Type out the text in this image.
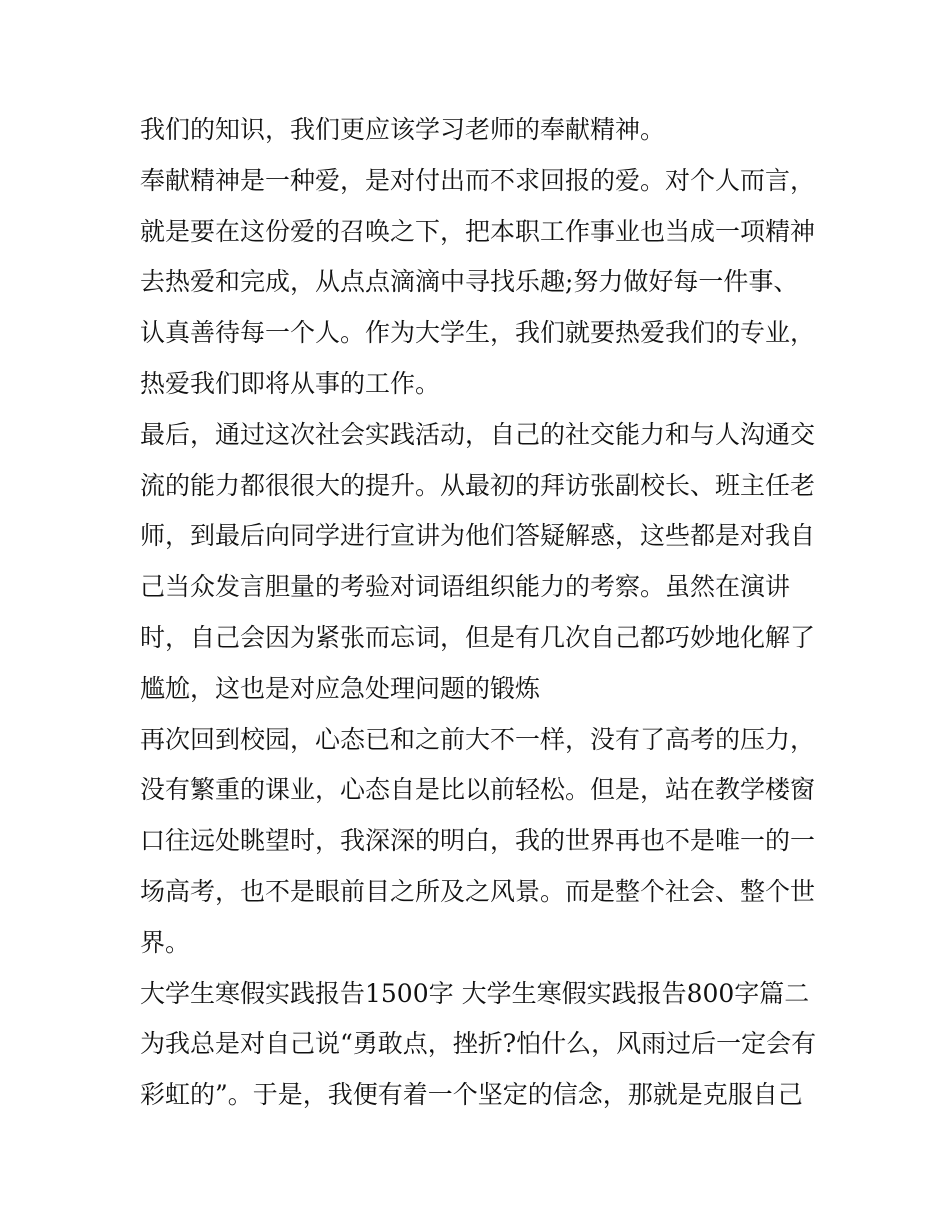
我们的知识，我们更应该学习老师的奉献精神。
奉献精神是一种爱，是对付出而不求回报的爱。对个人而言，
就是要在这份爱的召唤之下，把本职工作事业也当成一项精神
去热爱和完成，从点点滴滴中寻找乐趣;努力做好每一件事、
认真善待每一个人。作为大学生，我们就要热爱我们的专业，
热爱我们即将从事的工作。
最后，通过这次社会实践活动，自己的社交能力和与人沟通交
流的能力都很很大的提升。从最初的拜访张副校长、班主任老
师，到最后向同学进行宣讲为他们答疑解惑，这些都是对我自
己当众发言胆量的考验对词语组织能力的考察。虽然在演讲
时，自己会因为紧张而忘词，但是有几次自己都巧妙地化解了
尴尬，这也是对应急处理问题的锻炼
再次回到校园，心态已和之前大不一样，没有了高考的压力，
没有繁重的课业，心态自是比以前轻松。但是，站在教学楼窗
口往远处眺望时，我深深的明白，我的世界再也不是唯一的一
场高考，也不是眼前目之所及之风景。而是整个社会、整个世
界。
大学生寒假实践报告1500字 大学生寒假实践报告800字篇二
为我总是对自己说“勇敢点，挫折?怕什么，风雨过后一定会有
彩虹的”。于是，我便有着一个坚定的信念，那就是克服自己
